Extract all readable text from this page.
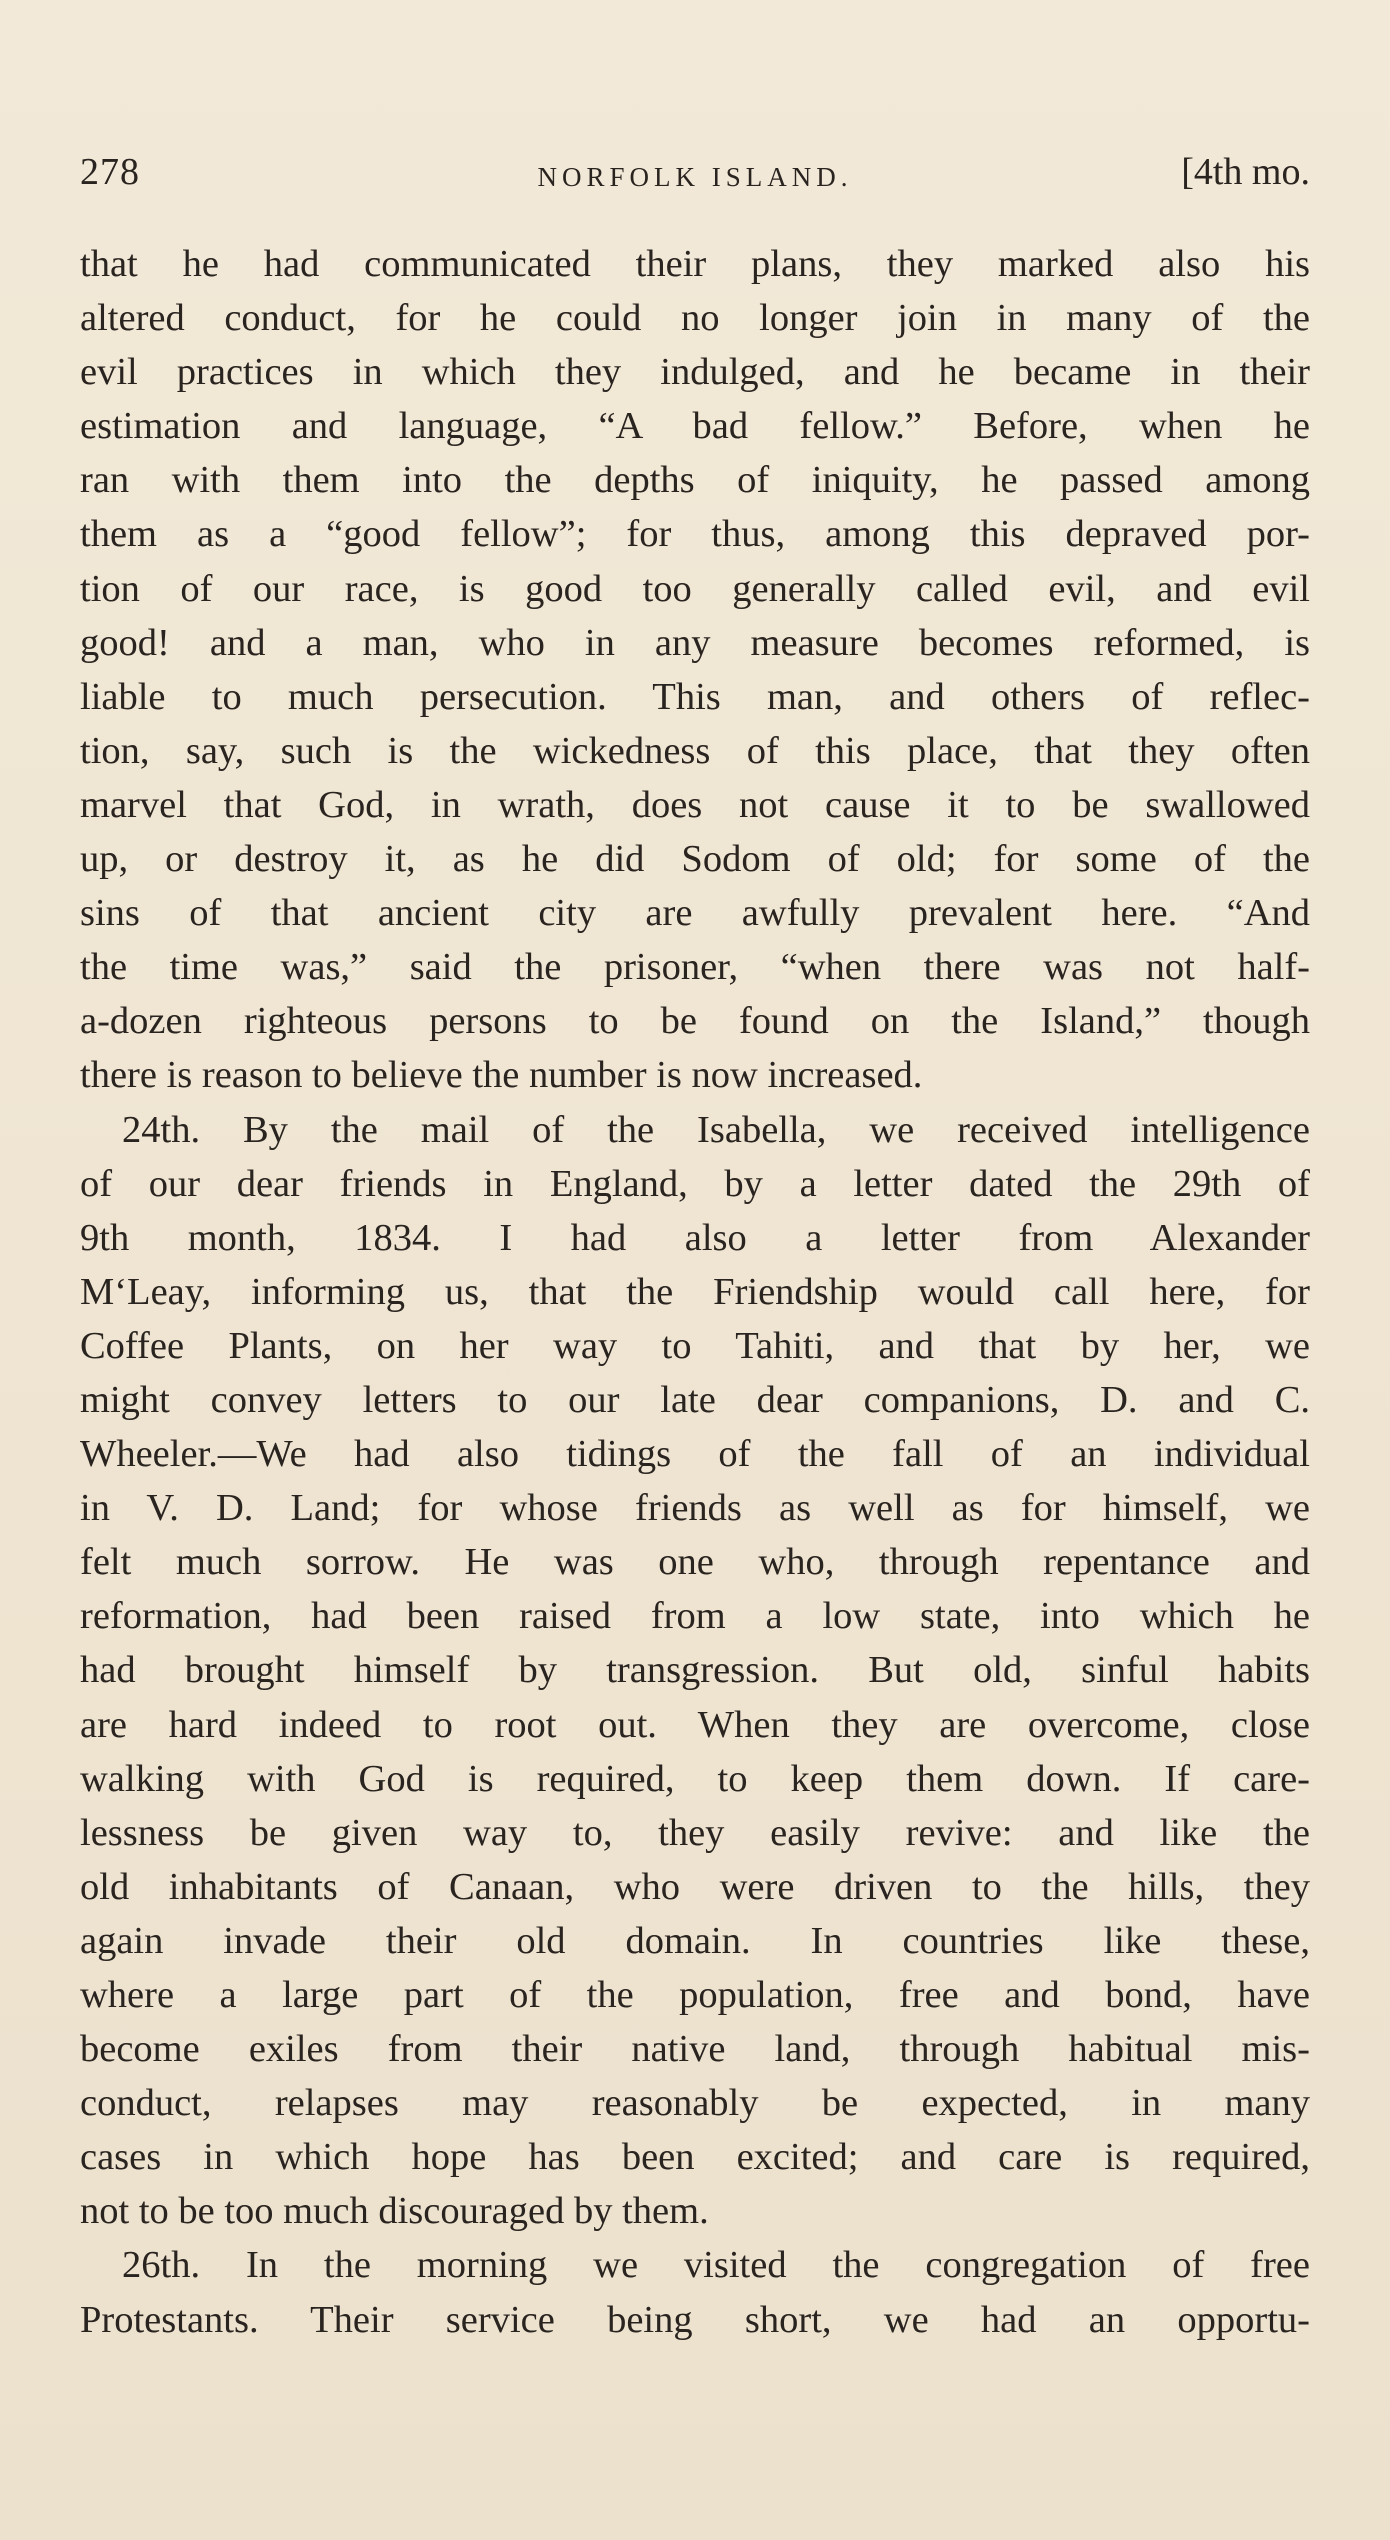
278	NORFOLK ISLAND.	[4th mo.
that he had communicated their plans, they marked also his
altered conduct, for he could no longer join in many of the
evil practices in which they indulged, and he became in their
estimation and language, “A bad fellow.” Before, when he
ran with them into the depths of iniquity, he passed among
them as a “good fellow”; for thus, among this depraved por-
tion of our race, is good too generally called evil, and evil
good! and a man, who in any measure becomes reformed, is
liable to much persecution. This man, and others of reflec-
tion, say, such is the wickedness of this place, that they often
marvel that God, in wrath, does not cause it to be swallowed
up, or destroy it, as he did Sodom of old; for some of the
sins of that ancient city are awfully prevalent here. “And
the time was,” said the prisoner, “when there was not half-
a-dozen righteous persons to be found on the Island,” though
there is reason to believe the number is now increased.
24th. By the mail of the Isabella, we received intelligence
of our dear friends in England, by a letter dated the 29th of
9th month, 1834. I had also a letter from Alexander
M‘Leay, informing us, that the Friendship would call here, for
Coffee Plants, on her way to Tahiti, and that by her, we
might convey letters to our late dear companions, D. and C.
Wheeler.—We had also tidings of the fall of an individual
in V. D. Land; for whose friends as well as for himself, we
felt much sorrow. He was one who, through repentance and
reformation, had been raised from a low state, into which he
had brought himself by transgression. But old, sinful habits
are hard indeed to root out. When they are overcome, close
walking with God is required, to keep them down. If care-
lessness be given way to, they easily revive: and like the
old inhabitants of Canaan, who were driven to the hills, they
again invade their old domain. In countries like these,
where a large part of the population, free and bond, have
become exiles from their native land, through habitual mis-
conduct, relapses may reasonably be expected, in many
cases in which hope has been excited; and care is required,
not to be too much discouraged by them.
26th. In the morning we visited the congregation of free
Protestants. Their service being short, we had an opportu-
